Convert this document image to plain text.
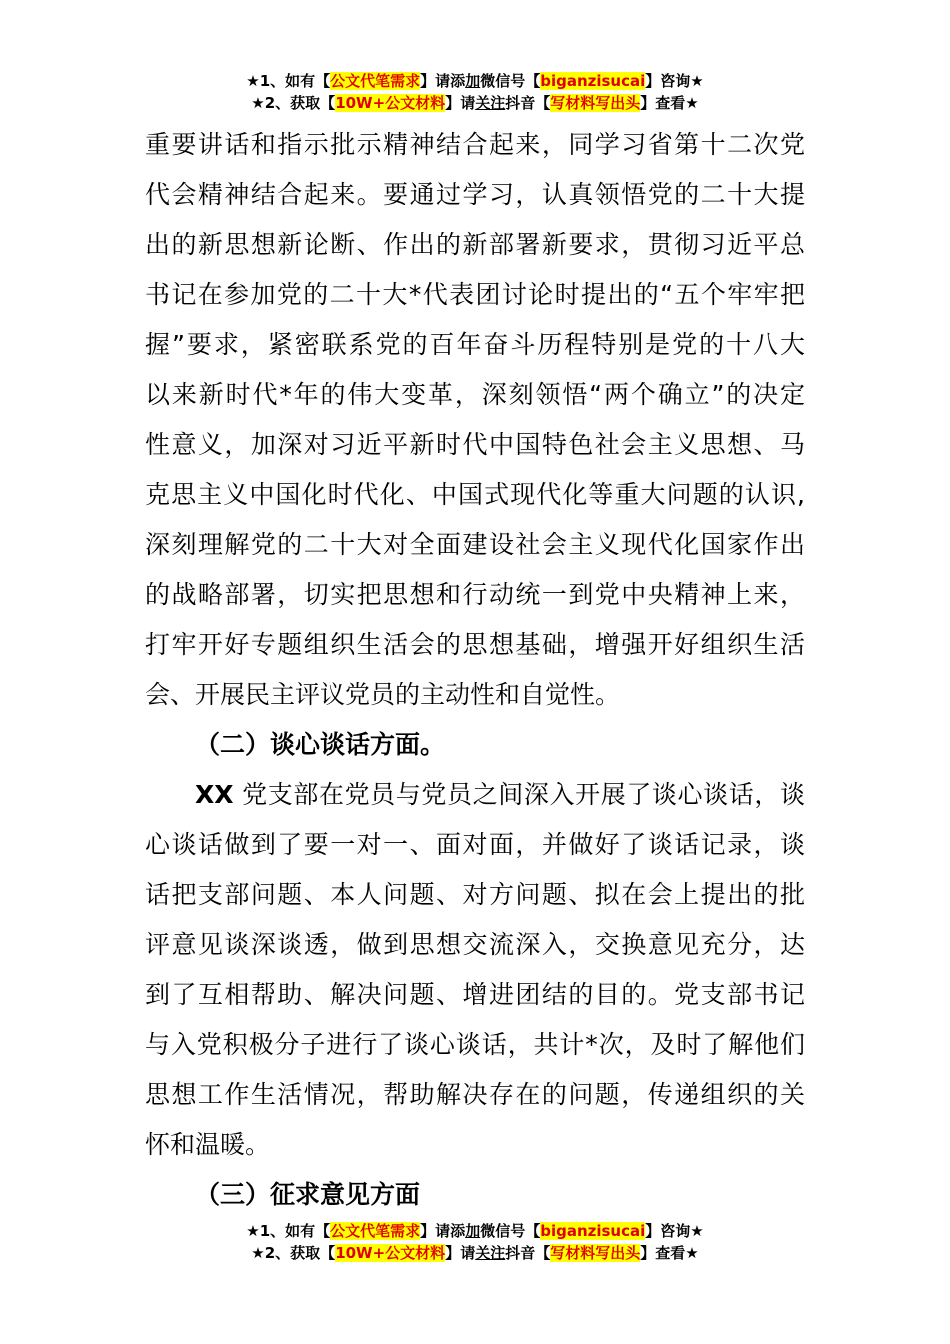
★1、如有【公文代笔需求】请添加微信号【biganzisucai】咨询★
★2、获取【10W+公文材料】请关注抖音【写材料写出头】查看★
重要讲话和指示批示精神结合起来，同学习省第十二次党
代会精神结合起来。要通过学习，认真领悟党的二十大提
出的新思想新论断、作出的新部署新要求，贯彻习近平总
书记在参加党的二十大*代表团讨论时提出的“五个牢牢把
握”要求，紧密联系党的百年奋斗历程特别是党的十八大
以来新时代*年的伟大变革，深刻领悟“两个确立”的决定
性意义，加深对习近平新时代中国特色社会主义思想、马
克思主义中国化时代化、中国式现代化等重大问题的认识,
深刻理解党的二十大对全面建设社会主义现代化国家作出
的战略部署，切实把思想和行动统一到党中央精神上来，
打牢开好专题组织生活会的思想基础，增强开好组织生活
会、开展民主评议党员的主动性和自觉性。
（二）谈心谈话方面。
XX 党支部在党员与党员之间深入开展了谈心谈话，谈
心谈话做到了要一对一、面对面，并做好了谈话记录，谈
话把支部问题、本人问题、对方问题、拟在会上提出的批
评意见谈深谈透，做到思想交流深入，交换意见充分，达
到了互相帮助、解决问题、增进团结的目的。党支部书记
与入党积极分子进行了谈心谈话，共计*次，及时了解他们
思想工作生活情况，帮助解决存在的问题，传递组织的关
怀和温暖。
（三）征求意见方面
★1、如有【公文代笔需求】请添加微信号【biganzisucai】咨询★
★2、获取【10W+公文材料】请关注抖音【写材料写出头】查看★
